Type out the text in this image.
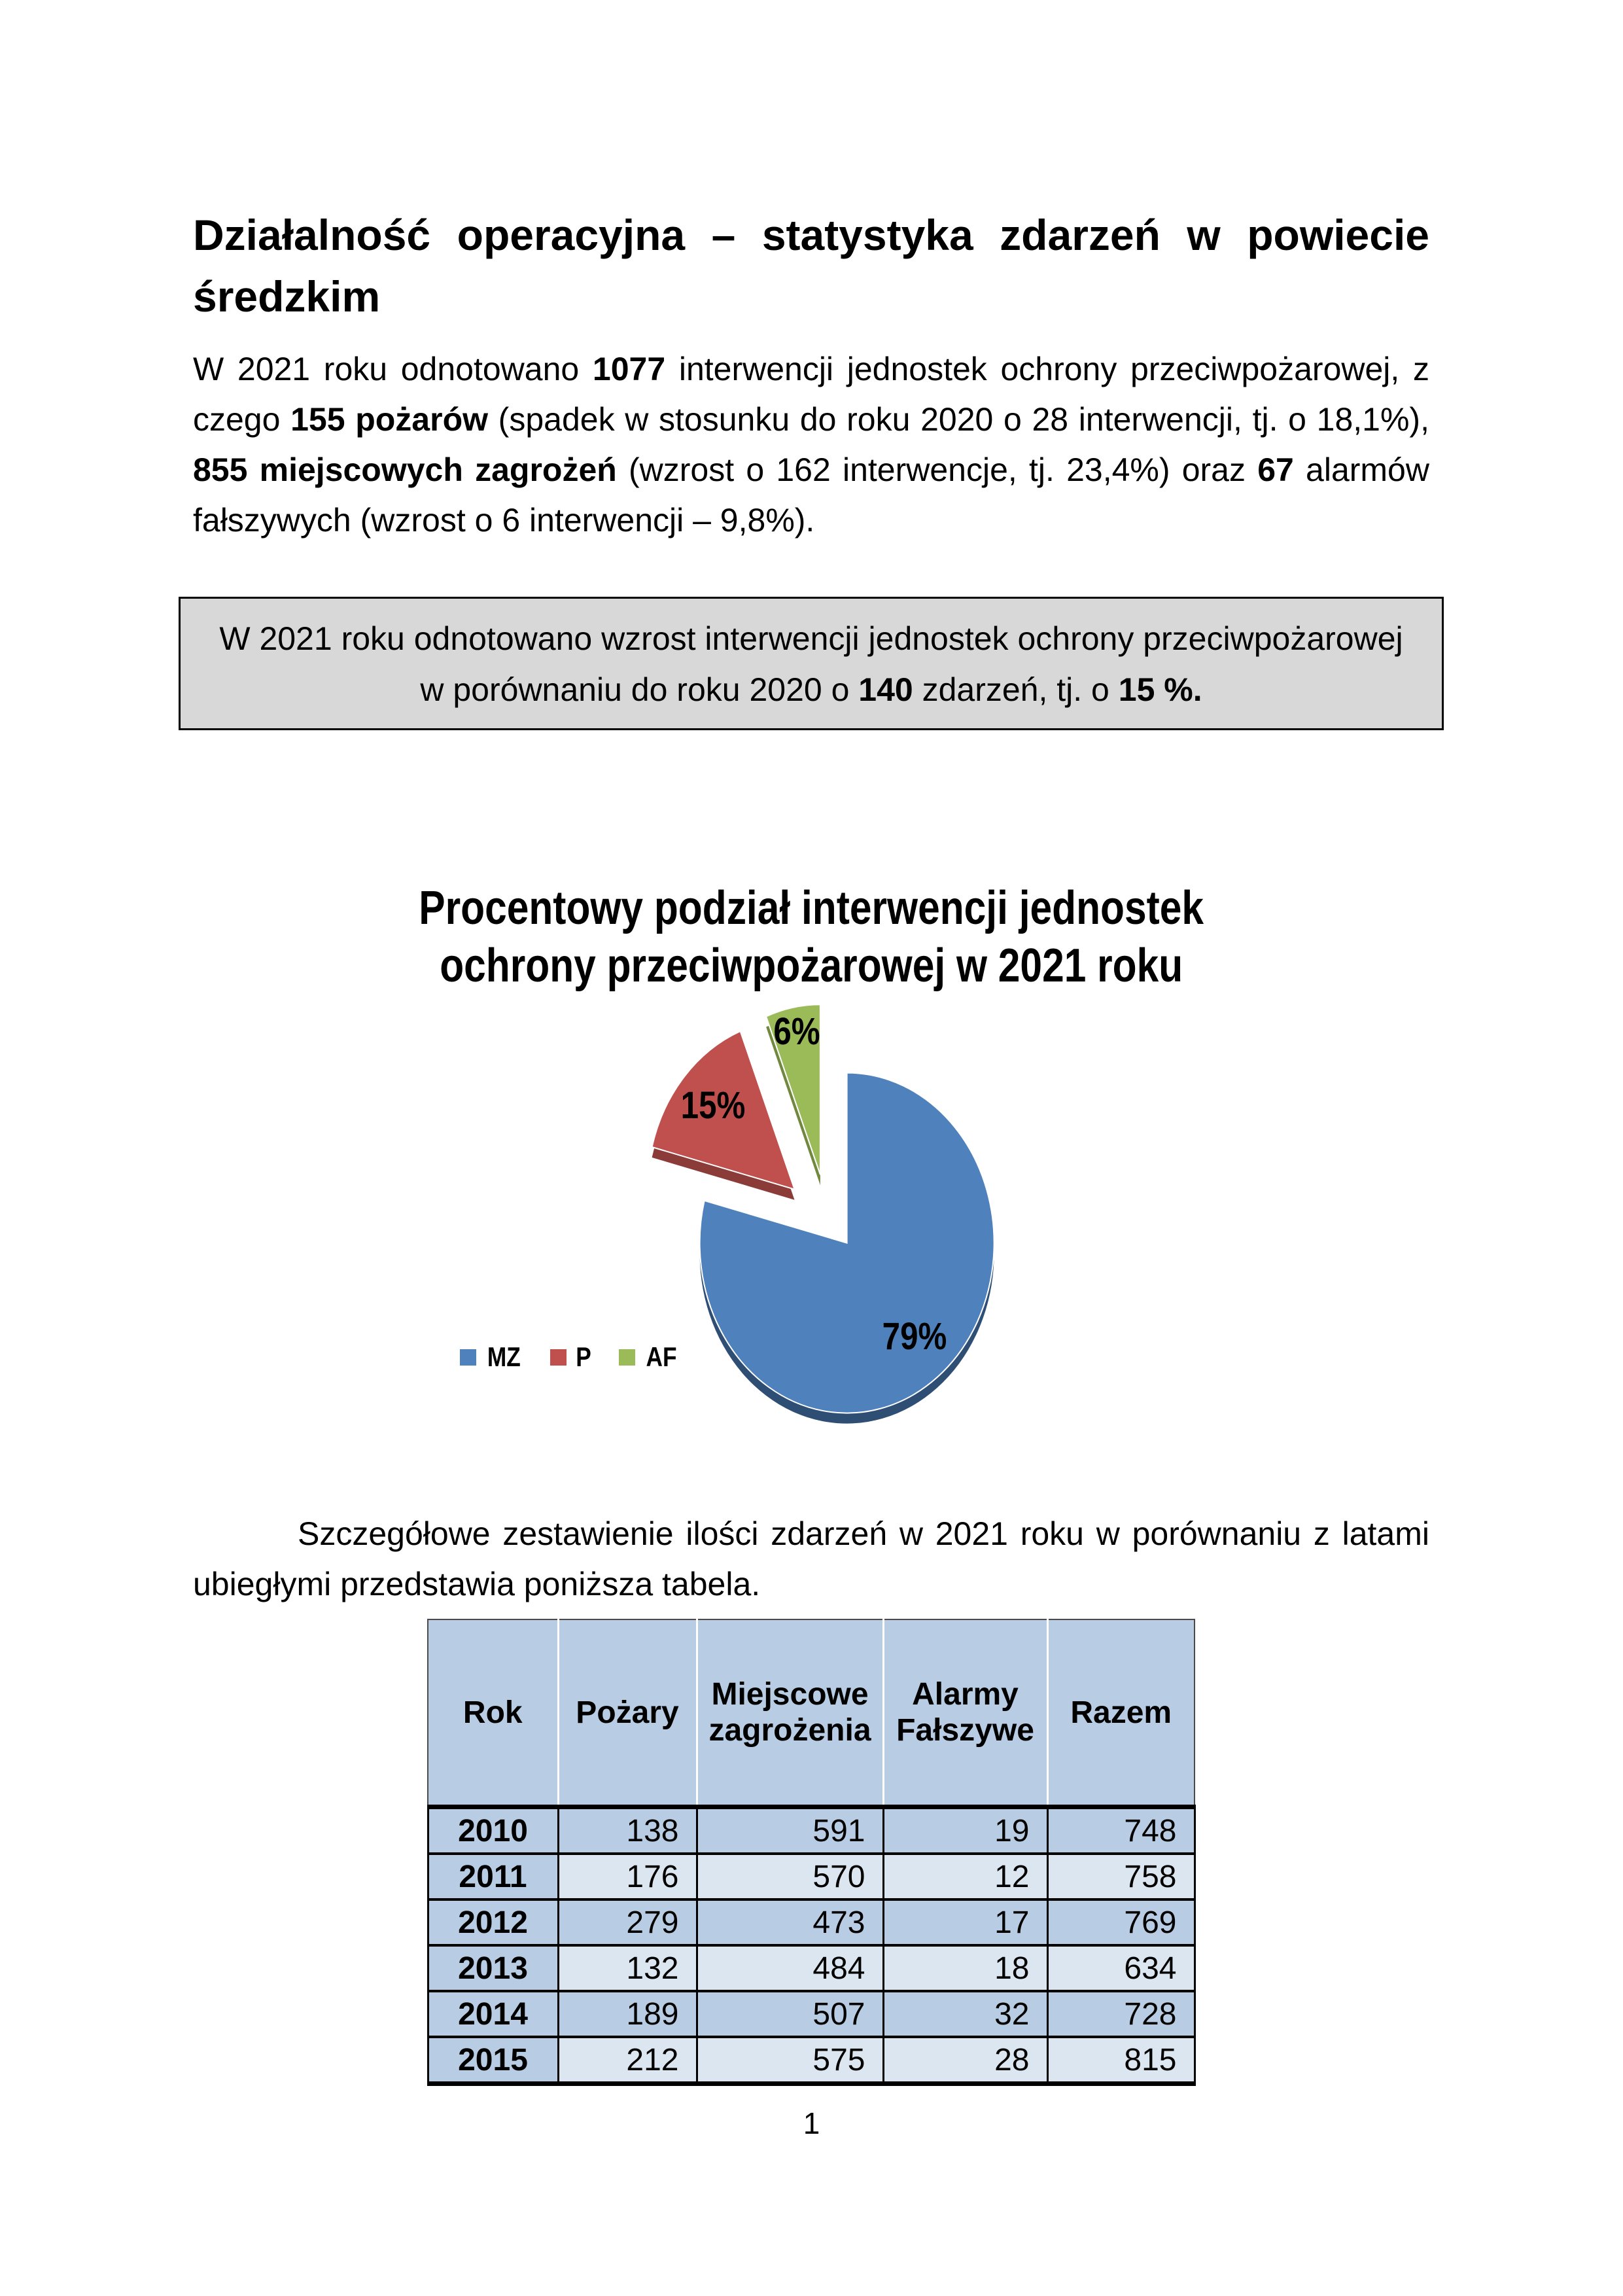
Działalność operacyjna – statystyka zdarzeń w powiecie średzkim

W 2021 roku odnotowano 1077 interwencji jednostek ochrony przeciwpożarowej, z czego 155 pożarów (spadek w stosunku do roku 2020 o 28 interwencji, tj. o 18,1%), 855 miejscowych zagrożeń (wzrost o 162 interwencje, tj. 23,4%) oraz 67 alarmów fałszywych (wzrost o 6 interwencji – 9,8%).

W 2021 roku odnotowano wzrost interwencji jednostek ochrony przeciwpożarowej
w porównaniu do roku 2020 o 140 zdarzeń, tj. o 15 %.
Procentowy podział interwencji jednostek
ochrony przeciwpożarowej w 2021 roku
79%
15%
6%
MZ P AF

Szczegółowe zestawienie ilości zdarzeń w 2021 roku w porównaniu z latami ubiegłymi przedstawia poniższa tabela.

Rok	Pożary	Miejscowe zagrożenia	Alarmy Fałszywe	Razem
2010	138	591	19	748
2011	176	570	12	758
2012	279	473	17	769
2013	132	484	18	634
2014	189	507	32	728
2015	212	575	28	815
1
